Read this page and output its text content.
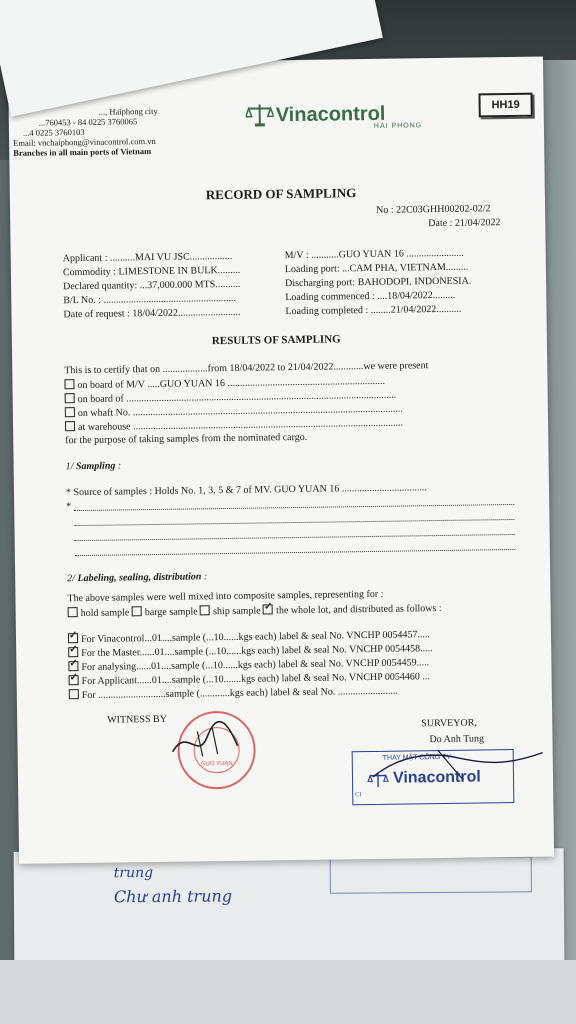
trung
Chư anh trung
..., Haiphong city
...760453 - 84 0225 3760065
...4 0225 3760103
Email: vnchaiphong@vinacontrol.com.vn
Branches in all main ports of Vietnam
Vinacontrol
HAI PHONG
HH19
RECORD OF SAMPLING
No : 22C03GHH00202-02/2
Date : 21/04/2022
Applicant : ..........MAI VU JSC.................	M/V : ...........GUO YUAN 16 .......................
Commodity : LIMESTONE IN BULK.........	Loading port: ...CAM PHA, VIETNAM.........
Declared quantity: ...37,000.000 MTS..........	Discharging port: BAHODOPI, INDONESIA.
B/L No. : .....................................................	Loading commenced : ....18/04/2022.........
Date of request : 18/04/2022.........................	Loading completed : ........21/04/2022..........
RESULTS OF SAMPLING
This is to certify that on ..................from 18/04/2022 to 21/04/2022............we were present
on board of M/V .....GUO YUAN 16 ...............................................................
on board of ............................................................................................................
on whaft No. ............................................................................................................
at warehouse ............................................................................................................
for the purpose of taking samples from the nominated cargo.
1/ Sampling :
* Source of samples : Holds No. 1, 3, 5 & 7 of MV. GUO YUAN 16 ..................................
*
2/ Labeling, sealing, distribution :
The above samples were well mixed into composite samples, representing for :
hold sample barge sample ship sample ✓ the whole lot, and distributed as follows :
✓For Vinacontrol...01....sample (...10......kgs each) label & seal No. VNCHP 0054457.....
✓For the Master......01....sample (...10......kgs each) label & seal No. VNCHP 0054458.....
✓For analysing......01....sample (...10......kgs each) label & seal No. VNCHP 0054459.....
✓For Applicant......01....sample (...10.......kgs each) label & seal No. VNCHP 0054460 ...
For ...........................sample (............kgs each) label & seal No. ........................
WITNESS BY
GUO YUAN
SURVEYOR,
Do Anh Tung
THAY MẶT CÔNG TY
Vinacontrol
CI
